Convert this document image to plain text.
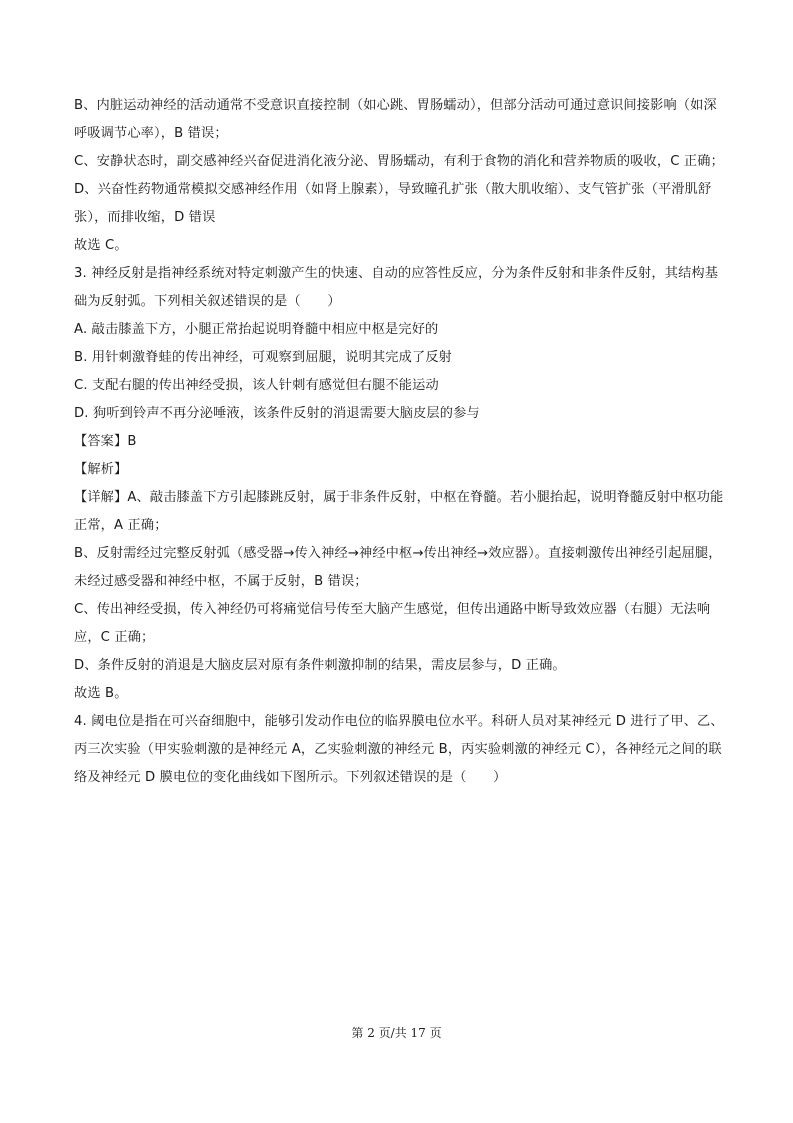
B、内脏运动神经的活动通常不受意识直接控制（如心跳、胃肠蠕动），但部分活动可通过意识间接影响（如深呼吸调节心率），B 错误；

C、安静状态时，副交感神经兴奋促进消化液分泌、胃肠蠕动，有利于食物的消化和营养物质的吸收，C 正确；

D、兴奋性药物通常模拟交感神经作用（如肾上腺素），导致瞳孔扩张（散大肌收缩）、支气管扩张（平滑肌舒张），而排收缩，D 错误

故选 C。

3. 神经反射是指神经系统对特定刺激产生的快速、自动的应答性反应，分为条件反射和非条件反射，其结构基础为反射弧。下列相关叙述错误的是（　　）

A. 敲击膝盖下方，小腿正常抬起说明脊髓中相应中枢是完好的

B. 用针刺激脊蛙的传出神经，可观察到屈腿，说明其完成了反射

C. 支配右腿的传出神经受损，该人针刺有感觉但右腿不能运动

D. 狗听到铃声不再分泌唾液，该条件反射的消退需要大脑皮层的参与

【答案】B

【解析】

【详解】A、敲击膝盖下方引起膝跳反射，属于非条件反射，中枢在脊髓。若小腿抬起，说明脊髓反射中枢功能正常，A 正确；

B、反射需经过完整反射弧（感受器→传入神经→神经中枢→传出神经→效应器）。直接刺激传出神经引起屈腿，未经过感受器和神经中枢，不属于反射，B 错误；

C、传出神经受损，传入神经仍可将痛觉信号传至大脑产生感觉，但传出通路中断导致效应器（右腿）无法响应，C 正确；

D、条件反射的消退是大脑皮层对原有条件刺激抑制的结果，需皮层参与，D 正确。

故选 B。

4. 阈电位是指在可兴奋细胞中，能够引发动作电位的临界膜电位水平。科研人员对某神经元 D 进行了甲、乙、丙三次实验（甲实验刺激的是神经元 A，乙实验刺激的神经元 B，丙实验刺激的神经元 C），各神经元之间的联络及神经元 D 膜电位的变化曲线如下图所示。下列叙述错误的是（　　）

第 2 页/共 17 页
